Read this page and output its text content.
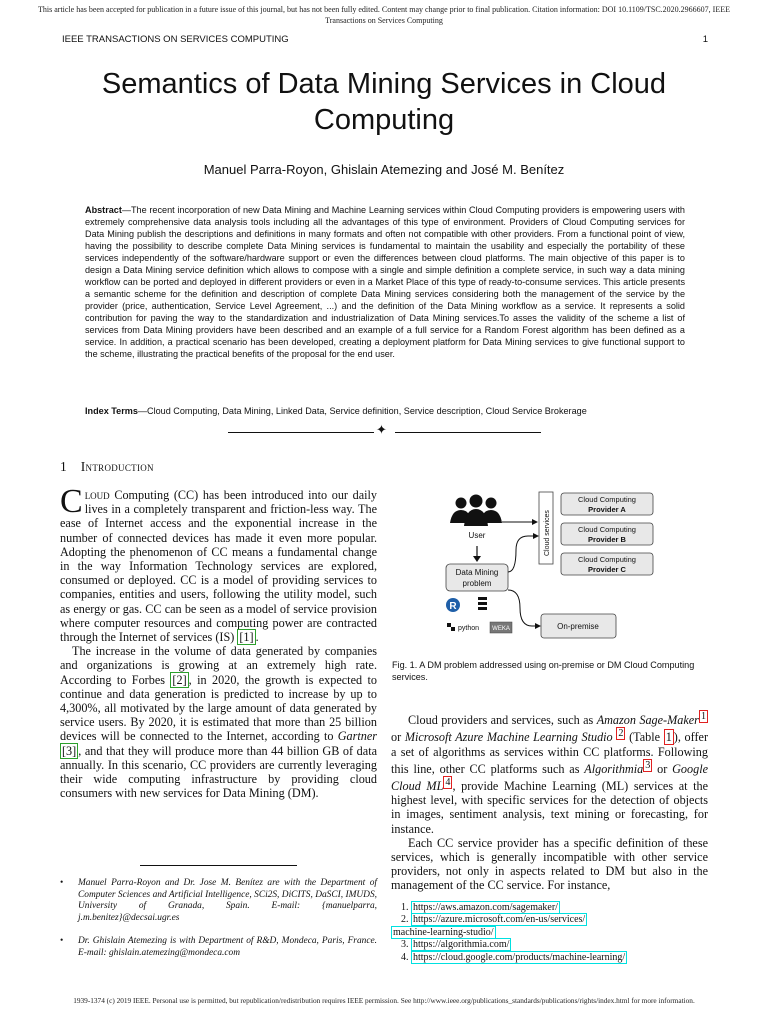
This article has been accepted for publication in a future issue of this journal, but has not been fully edited. Content may change prior to final publication. Citation information: DOI 10.1109/TSC.2020.2966607, IEEE
Transactions on Services Computing
IEEE TRANSACTIONS ON SERVICES COMPUTING	1
Semantics of Data Mining Services in Cloud
Computing
Manuel Parra-Royon, Ghislain Atemezing and José M. Benítez
Abstract—The recent incorporation of new Data Mining and Machine Learning services within Cloud Computing providers is empowering users with extremely comprehensive data analysis tools including all the advantages of this type of environment. Providers of Cloud Computing services for Data Mining publish the descriptions and definitions in many formats and often not compatible with other providers. From a functional point of view, having the possibility to describe complete Data Mining services is fundamental to maintain the usability and especially the portability of these services independently of the software/hardware support or even the differences between cloud platforms. The main objective of this paper is to design a Data Mining service definition which allows to compose with a single and simple definition a complete service, in such way a data mining workflow can be ported and deployed in different providers or even in a Market Place of this type of ready-to-consume services. This article presents a semantic scheme for the definition and description of complete Data Mining services considering both the management of the service by the provider (price, authentication, Service Level Agreement, ...) and the definition of the Data Mining workflow as a service. It represents a solid contribution for paving the way to the standardization and industrialization of Data Mining services.To asses the validity of the scheme a list of services from Data Mining providers have been described and an example of a full service for a Random Forest algorithm has been defined as a service. In addition, a practical scenario has been developed, creating a deployment platform for Data Mining services to give functional support to the scheme, illustrating the practical benefits of the proposal for the end user.
Index Terms—Cloud Computing, Data Mining, Linked Data, Service definition, Service description, Cloud Service Brokerage
✦
1 Introduction

Cloud Computing (CC) has been introduced into our daily lives in a completely transparent and friction-less way. The ease of Internet access and the exponential increase in the number of connected devices has made it even more popular. Adopting the phenomenon of CC means a fundamental change in the way Information Technology services are explored, consumed or deployed. CC is a model of providing services to companies, entities and users, following the utility model, such as energy or gas. CC can be seen as a model of service provision where computer resources and computing power are contracted through the Internet of services (IS) [1] .

The increase in the volume of data generated by companies and organizations is growing at an extremely high rate. According to Forbes [2] , in 2020, the growth is expected to continue and data generation is predicted to increase by up to 4,300%, all motivated by the large amount of data generated by service users. By 2020, it is estimated that more than 25 billion devices will be connected to the Internet, according to Gartner [3] , and that they will produce more than 44 billion GB of data annually. In this scenario, CC providers are currently leveraging their wide computing infrastructure by providing cloud consumers with new services for Data Mining (DM).

• Manuel Parra-Royon and Dr. Jose M. Benítez are with the Department of Computer Sciences and Artificial Intelligence, SCi2S, DiCITS, DaSCI, IMUDS, University of Granada, Spain. E-mail: {manuelparra, j.m.benitez}@decsai.ugr.es
• Dr. Ghislain Atemezing is with Department of R&D, Mondeca, Paris, France. E-mail: ghislain.atemezing@mondeca.com
User
Data Mining
problem
Cloud services
Cloud Computing
Provider A
Cloud Computing
Provider B
Cloud Computing
Provider C
R
python WEKA	On-premise
Fig. 1. A DM problem addressed using on-premise or DM Cloud Computing services.

Cloud providers and services, such as Amazon Sage-Maker $^1$ or Microsoft Azure Machine Learning Studio $^2$ (Table 1 ), offer a set of algorithms as services within CC platforms. Following this line, other CC platforms such as Algorithmia $^3$ or Google Cloud ML $^4$ , provide Machine Learning (ML) services at the highest level, with specific services for the detection of objects in images, sentiment analysis, text mining or forecasting, for instance.

Each CC service provider has a specific definition of these services, which is generally incompatible with other service providers, not only in aspects related to DM but also in the management of the CC service. For instance,

1. https://aws.amazon.com/sagemaker/
2. https://azure.microsoft.com/en-us/services/
machine-learning-studio/
3. https://algorithmia.com/
4. https://cloud.google.com/products/machine-learning/
1939-1374 (c) 2019 IEEE. Personal use is permitted, but republication/redistribution requires IEEE permission. See http://www.ieee.org/publications_standards/publications/rights/index.html for more information.
